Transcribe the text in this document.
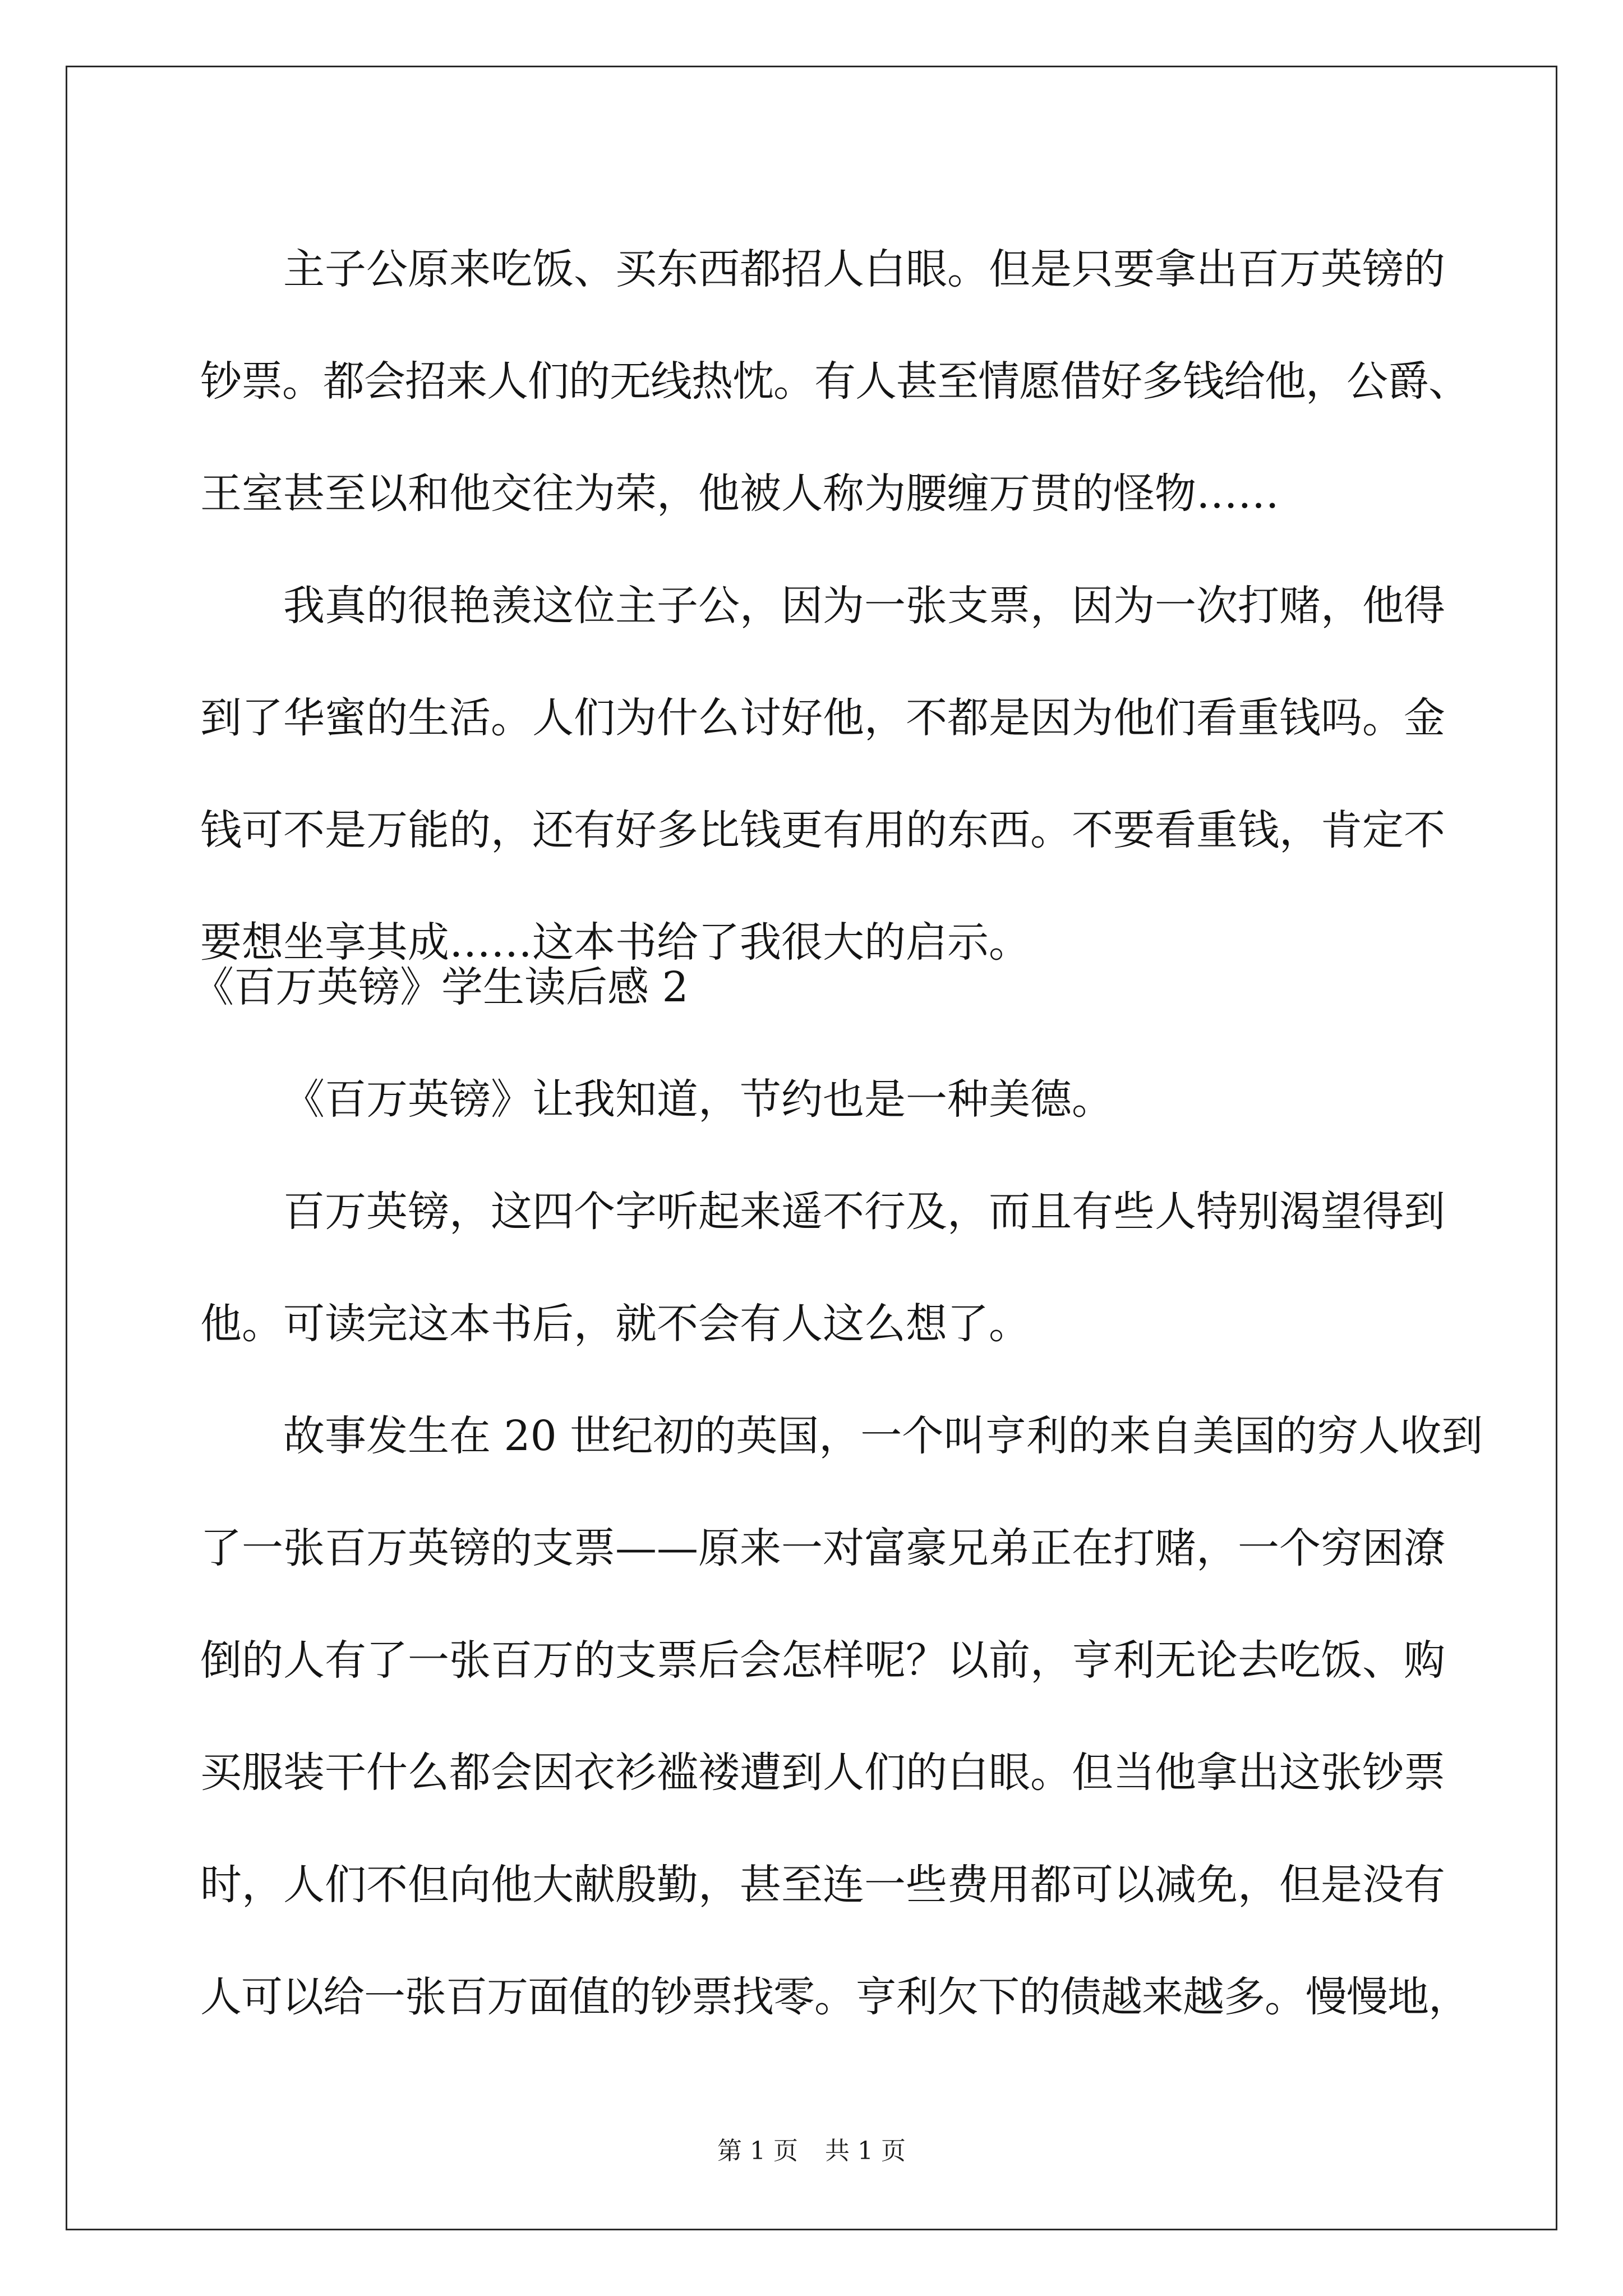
主子公原来吃饭、买东西都招人白眼。但是只要拿出百万英镑的
钞票。都会招来人们的无线热忱。有人甚至情愿借好多钱给他，公爵、
王室甚至以和他交往为荣，他被人称为腰缠万贯的怪物……
我真的很艳羡这位主子公，因为一张支票，因为一次打赌，他得
到了华蜜的生活。人们为什么讨好他，不都是因为他们看重钱吗。金
钱可不是万能的，还有好多比钱更有用的东西。不要看重钱，肯定不
要想坐享其成……这本书给了我很大的启示。
《百万英镑》学生读后感 2
《百万英镑》让我知道，节约也是一种美德。
百万英镑，这四个字听起来遥不行及，而且有些人特别渴望得到
他。可读完这本书后，就不会有人这么想了。
故事发生在 20 世纪初的英国，一个叫亨利的来自美国的穷人收到
了一张百万英镑的支票——原来一对富豪兄弟正在打赌，一个穷困潦
倒的人有了一张百万的支票后会怎样呢？以前，亨利无论去吃饭、购
买服装干什么都会因衣衫褴褛遭到人们的白眼。但当他拿出这张钞票
时，人们不但向他大献殷勤，甚至连一些费用都可以减免，但是没有
人可以给一张百万面值的钞票找零。亨利欠下的债越来越多。慢慢地，
第 1 页 共 1 页
